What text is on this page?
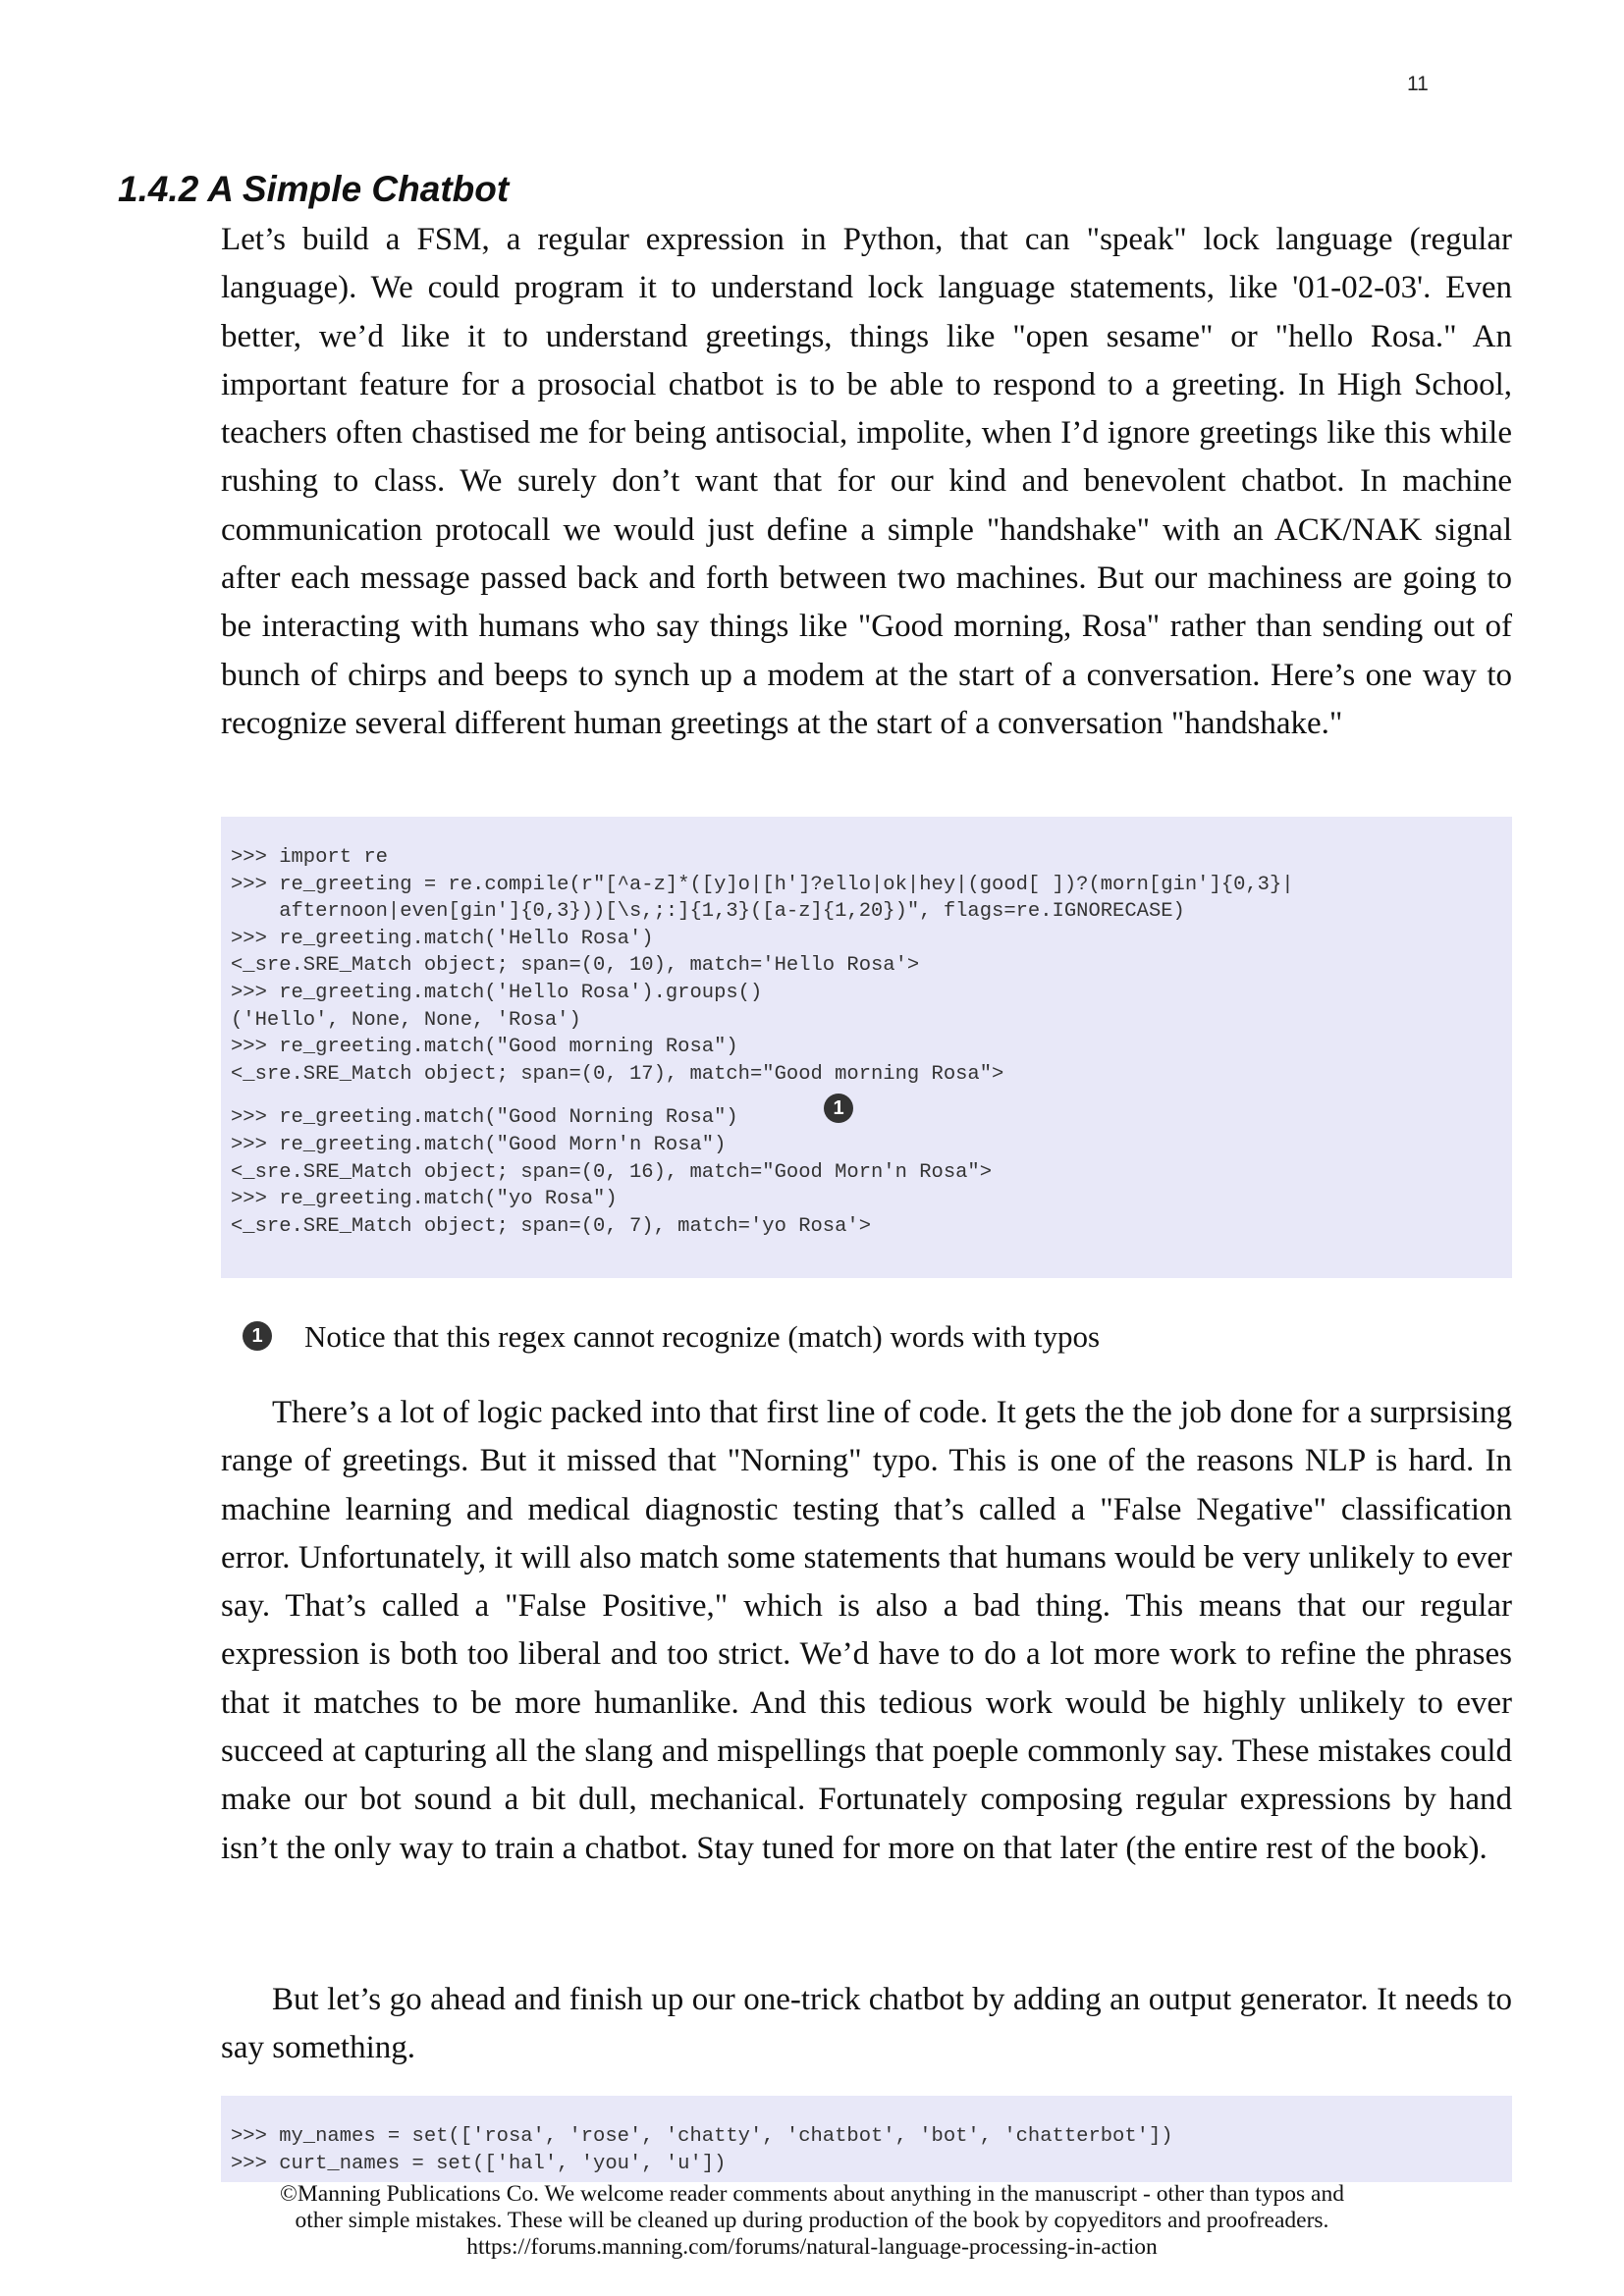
11
1.4.2 A Simple Chatbot

Let’s build a FSM, a regular expression in Python, that can "speak" lock language (regular language). We could program it to understand lock language statements, like '01-02-03'. Even better, we’d like it to understand greetings, things like "open sesame" or "hello Rosa." An important feature for a prosocial chatbot is to be able to respond to a greeting. In High School, teachers often chastised me for being antisocial, impolite, when I’d ignore greetings like this while rushing to class. We surely don’t want that for our kind and benevolent chatbot. In machine communication protocall we would just define a simple "handshake" with an ACK/NAK signal after each message passed back and forth between two machines. But our machiness are going to be interacting with humans who say things like "Good morning, Rosa" rather than sending out of bunch of chirps and beeps to synch up a modem at the start of a conversation. Here’s one way to recognize several different human greetings at the start of a conversation "handshake."

>>> import re
>>> re_greeting = re.compile(r"[^a-z]*([y]o|[h']?ello|ok|hey|(good[ ])?(morn[gin']{0,3}|
afternoon|even[gin']{0,3}))[\s,;:]{1,3}([a-z]{1,20})", flags=re.IGNORECASE)
>>> re_greeting.match('Hello Rosa')
<_sre.SRE_Match object; span=(0, 10), match='Hello Rosa'>
>>> re_greeting.match('Hello Rosa').groups()
('Hello', None, None, 'Rosa')
>>> re_greeting.match("Good morning Rosa")
<_sre.SRE_Match object; span=(0, 17), match="Good morning Rosa">
>>> re_greeting.match("Good Norning Rosa")
>>> re_greeting.match("Good Morn'n Rosa")
<_sre.SRE_Match object; span=(0, 16), match="Good Morn'n Rosa">
>>> re_greeting.match("yo Rosa")
<_sre.SRE_Match object; span=(0, 7), match='yo Rosa'>
1
1	Notice that this regex cannot recognize (match) words with typos

There’s a lot of logic packed into that first line of code. It gets the the job done for a surprsising range of greetings. But it missed that "Norning" typo. This is one of the reasons NLP is hard. In machine learning and medical diagnostic testing that’s called a "False Negative" classification error. Unfortunately, it will also match some statements that humans would be very unlikely to ever say. That’s called a "False Positive," which is also a bad thing. This means that our regular expression is both too liberal and too strict. We’d have to do a lot more work to refine the phrases that it matches to be more humanlike. And this tedious work would be highly unlikely to ever succeed at capturing all the slang and mispellings that poeple commonly say. These mistakes could make our bot sound a bit dull, mechanical. Fortunately composing regular expressions by hand isn’t the only way to train a chatbot. Stay tuned for more on that later (the entire rest of the book).

But let’s go ahead and finish up our one-trick chatbot by adding an output generator. It needs to say something.

>>> my_names = set(['rosa', 'rose', 'chatty', 'chatbot', 'bot', 'chatterbot'])
>>> curt_names = set(['hal', 'you', 'u'])
©Manning Publications Co. We welcome reader comments about anything in the manuscript - other than typos and
other simple mistakes. These will be cleaned up during production of the book by copyeditors and proofreaders.
https://forums.manning.com/forums/natural-language-processing-in-action
